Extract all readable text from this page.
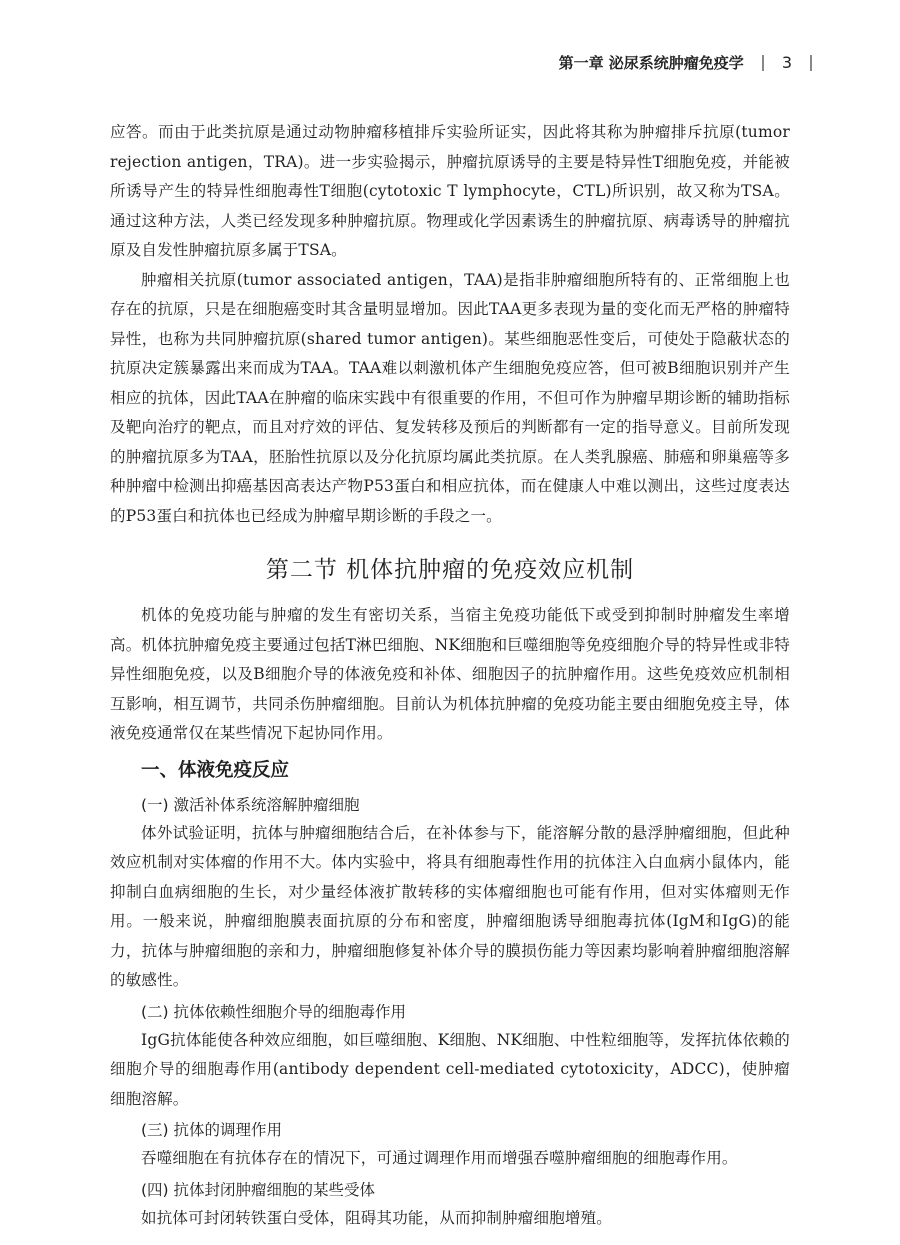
第一章 泌尿系统肿瘤免疫学 3

应答。而由于此类抗原是通过动物肿瘤移植排斥实验所证实，因此将其称为肿瘤排斥抗原(tumor rejection antigen，TRA)。进一步实验揭示，肿瘤抗原诱导的主要是特异性T细胞免疫，并能被所诱导产生的特异性细胞毒性T细胞(cytotoxic T lymphocyte，CTL)所识别，故又称为TSA。通过这种方法，人类已经发现多种肿瘤抗原。物理或化学因素诱生的肿瘤抗原、病毒诱导的肿瘤抗原及自发性肿瘤抗原多属于TSA。

肿瘤相关抗原(tumor associated antigen，TAA)是指非肿瘤细胞所特有的、正常细胞上也存在的抗原，只是在细胞癌变时其含量明显增加。因此TAA更多表现为量的变化而无严格的肿瘤特异性，也称为共同肿瘤抗原(shared tumor antigen)。某些细胞恶性变后，可使处于隐蔽状态的抗原决定簇暴露出来而成为TAA。TAA难以刺激机体产生细胞免疫应答，但可被B细胞识别并产生相应的抗体，因此TAA在肿瘤的临床实践中有很重要的作用，不但可作为肿瘤早期诊断的辅助指标及靶向治疗的靶点，而且对疗效的评估、复发转移及预后的判断都有一定的指导意义。目前所发现的肿瘤抗原多为TAA，胚胎性抗原以及分化抗原均属此类抗原。在人类乳腺癌、肺癌和卵巢癌等多种肿瘤中检测出抑癌基因高表达产物P53蛋白和相应抗体，而在健康人中难以测出，这些过度表达的P53蛋白和抗体也已经成为肿瘤早期诊断的手段之一。

第二节 机体抗肿瘤的免疫效应机制

机体的免疫功能与肿瘤的发生有密切关系，当宿主免疫功能低下或受到抑制时肿瘤发生率增高。机体抗肿瘤免疫主要通过包括T淋巴细胞、NK细胞和巨噬细胞等免疫细胞介导的特异性或非特异性细胞免疫，以及B细胞介导的体液免疫和补体、细胞因子的抗肿瘤作用。这些免疫效应机制相互影响，相互调节，共同杀伤肿瘤细胞。目前认为机体抗肿瘤的免疫功能主要由细胞免疫主导，体液免疫通常仅在某些情况下起协同作用。

一、体液免疫反应
(一) 激活补体系统溶解肿瘤细胞

体外试验证明，抗体与肿瘤细胞结合后，在补体参与下，能溶解分散的悬浮肿瘤细胞，但此种效应机制对实体瘤的作用不大。体内实验中，将具有细胞毒性作用的抗体注入白血病小鼠体内，能抑制白血病细胞的生长，对少量经体液扩散转移的实体瘤细胞也可能有作用，但对实体瘤则无作用。一般来说，肿瘤细胞膜表面抗原的分布和密度，肿瘤细胞诱导细胞毒抗体(IgM和IgG)的能力，抗体与肿瘤细胞的亲和力，肿瘤细胞修复补体介导的膜损伤能力等因素均影响着肿瘤细胞溶解的敏感性。

(二) 抗体依赖性细胞介导的细胞毒作用

IgG抗体能使各种效应细胞，如巨噬细胞、K细胞、NK细胞、中性粒细胞等，发挥抗体依赖的细胞介导的细胞毒作用(antibody dependent cell-mediated cytotoxicity，ADCC)，使肿瘤细胞溶解。

(三) 抗体的调理作用

吞噬细胞在有抗体存在的情况下，可通过调理作用而增强吞噬肿瘤细胞的细胞毒作用。

(四) 抗体封闭肿瘤细胞的某些受体

如抗体可封闭转铁蛋白受体，阻碍其功能，从而抑制肿瘤细胞增殖。
